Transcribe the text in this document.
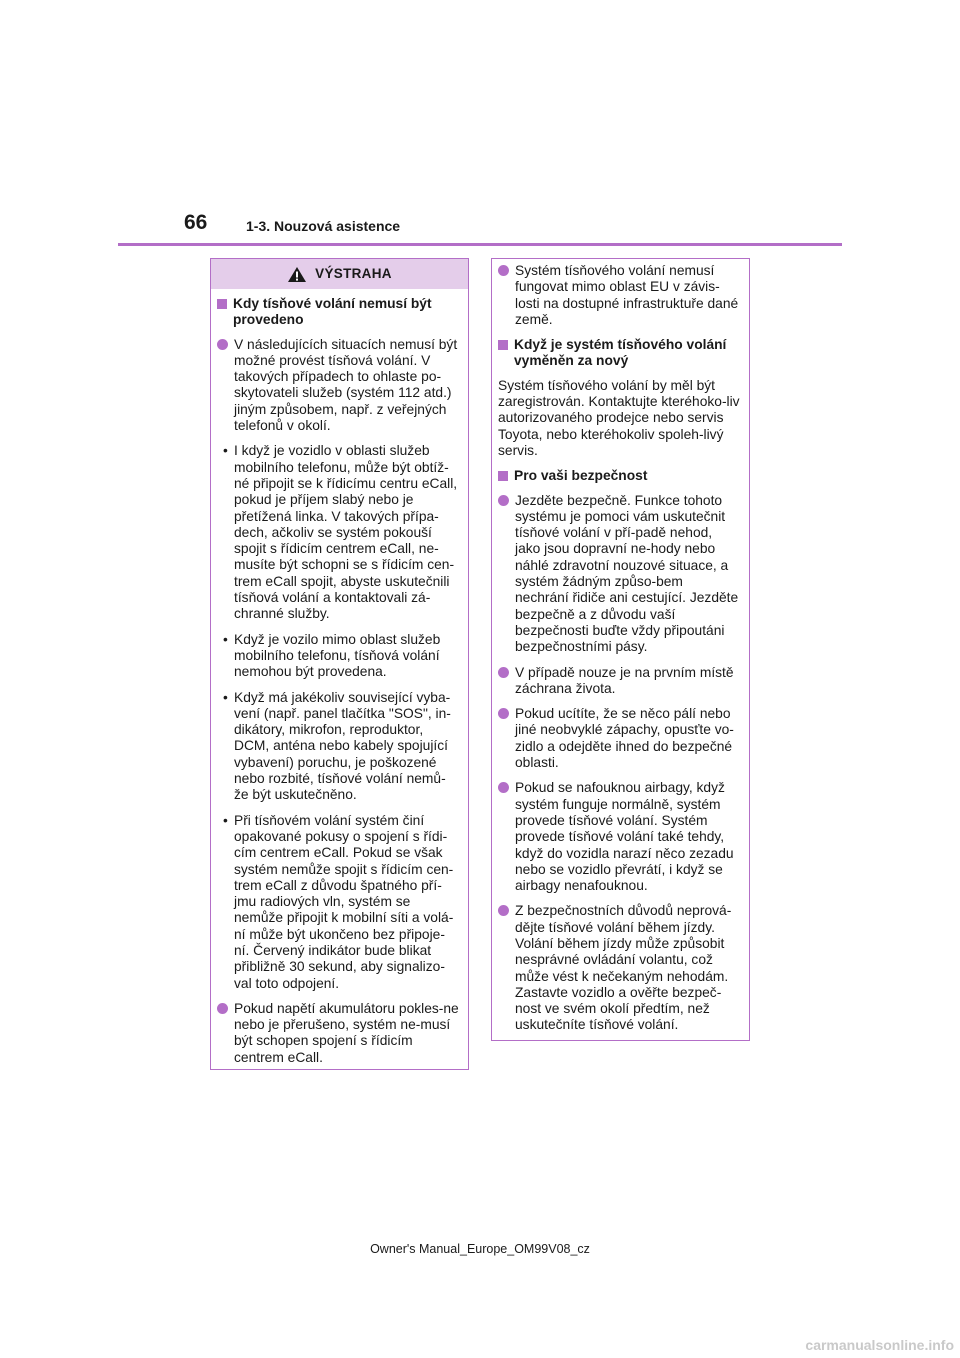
66	1-3. Nouzová asistence
VÝSTRAHA
Kdy tísňové volání nemusí být provedeno
V následujících situacích nemusí být možné provést tísňová volání. V takových případech to ohlaste po-skytovateli služeb (systém 112 atd.) jiným způsobem, např. z veřejných telefonů v okolí.
• I když je vozidlo v oblasti služeb mobilního telefonu, může být obtíž-né připojit se k řídicímu centru eCall, pokud je příjem slabý nebo je přetížená linka. V takových přípa-dech, ačkoliv se systém pokouší spojit s řídicím centrem eCall, ne-musíte být schopni se s řídicím cen-trem eCall spojit, abyste uskutečnili tísňová volání a kontaktovali zá-chranné služby.
• Když je vozilo mimo oblast služeb mobilního telefonu, tísňová volání nemohou být provedena.
• Když má jakékoliv související vyba-vení (např. panel tlačítka "SOS", in-dikátory, mikrofon, reproduktor, DCM, anténa nebo kabely spojující vybavení) poruchu, je poškozené nebo rozbité, tísňové volání nemů-že být uskutečněno.
• Při tísňovém volání systém činí opakované pokusy o spojení s řídi-cím centrem eCall. Pokud se však systém nemůže spojit s řídicím cen-trem eCall z důvodu špatného pří-jmu radiových vln, systém se nemůže připojit k mobilní síti a volá-ní může být ukončeno bez připoje-ní. Červený indikátor bude blikat přibližně 30 sekund, aby signalizo-val toto odpojení.
Pokud napětí akumulátoru pokles-ne nebo je přerušeno, systém ne-musí být schopen spojení s řídicím centrem eCall.
Systém tísňového volání nemusí fungovat mimo oblast EU v závis-losti na dostupné infrastruktuře dané země.
Když je systém tísňového volání vyměněn za nový
Systém tísňového volání by měl být zaregistrován. Kontaktujte kteréhoko-liv autorizovaného prodejce nebo servis Toyota, nebo kteréhokoliv spoleh-livý servis.
Pro vaši bezpečnost
Jezděte bezpečně. Funkce tohoto systému je pomoci vám uskutečnit tísňové volání v pří-padě nehod, jako jsou dopravní ne-hody nebo náhlé zdravotní nouzové situace, a systém žádným způso-bem nechrání řidiče ani cestující. Jezděte bezpečně a z důvodu vaší bezpečnosti buďte vždy připoutáni bezpečnostními pásy.
V případě nouze je na prvním místě záchrana života.
Pokud ucítíte, že se něco pálí nebo jiné neobvyklé zápachy, opusťte vo-zidlo a odejděte ihned do bezpečné oblasti.
Pokud se nafouknou airbagy, když systém funguje normálně, systém provede tísňové volání. Systém provede tísňové volání také tehdy, když do vozidla narazí něco zezadu nebo se vozidlo převrátí, i když se airbagy nenafouknou.
Z bezpečnostních důvodů neprová-dějte tísňové volání během jízdy. Volání během jízdy může způsobit nesprávné ovládání volantu, což může vést k nečekaným nehodám. Zastavte vozidlo a ověřte bezpeč-nost ve svém okolí předtím, než uskutečníte tísňové volání.
Owner's Manual_Europe_OM99V08_cz
carmanualsonline.info
